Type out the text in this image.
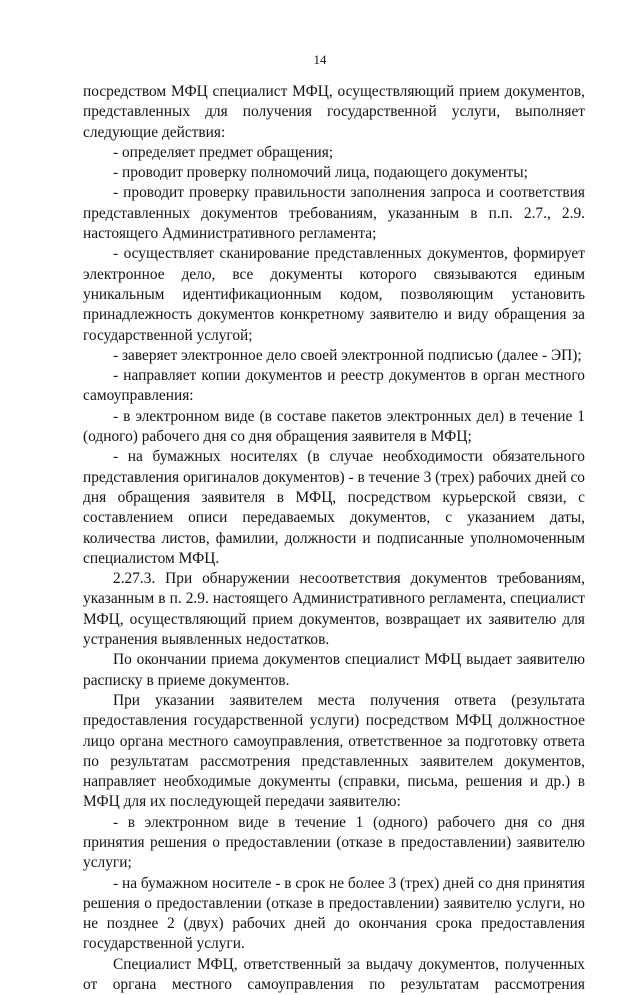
14

посредством МФЦ специалист МФЦ, осуществляющий прием документов, представленных для получения государственной услуги, выполняет следующие действия:

- определяет предмет обращения;

- проводит проверку полномочий лица, подающего документы;

- проводит проверку правильности заполнения запроса и соответствия представленных документов требованиям, указанным в п.п. 2.7., 2.9. настоящего Административного регламента;

- осуществляет сканирование представленных документов, формирует электронное дело, все документы которого связываются единым уникальным идентификационным кодом, позволяющим установить принадлежность документов конкретному заявителю и виду обращения за государственной услугой;

- заверяет электронное дело своей электронной подписью (далее - ЭП);

- направляет копии документов и реестр документов в орган местного самоуправления:

- в электронном виде (в составе пакетов электронных дел) в течение 1 (одного) рабочего дня со дня обращения заявителя в МФЦ;

- на бумажных носителях (в случае необходимости обязательного представления оригиналов документов) - в течение 3 (трех) рабочих дней со дня обращения заявителя в МФЦ, посредством курьерской связи, с составлением описи передаваемых документов, с указанием даты, количества листов, фамилии, должности и подписанные уполномоченным специалистом МФЦ.

2.27.3. При обнаружении несоответствия документов требованиям, указанным в п. 2.9. настоящего Административного регламента, специалист МФЦ, осуществляющий прием документов, возвращает их заявителю для устранения выявленных недостатков.

По окончании приема документов специалист МФЦ выдает заявителю расписку в приеме документов.

При указании заявителем места получения ответа (результата предоставления государственной услуги) посредством МФЦ должностное лицо органа местного самоуправления, ответственное за подготовку ответа по результатам рассмотрения представленных заявителем документов, направляет необходимые документы (справки, письма, решения и др.) в МФЦ для их последующей передачи заявителю:

- в электронном виде в течение 1 (одного) рабочего дня со дня принятия решения о предоставлении (отказе в предоставлении) заявителю услуги;

- на бумажном носителе - в срок не более 3 (трех) дней со дня принятия решения о предоставлении (отказе в предоставлении) заявителю услуги, но не позднее 2 (двух) рабочих дней до окончания срока предоставления государственной услуги.

Специалист МФЦ, ответственный за выдачу документов, полученных от органа местного самоуправления по результатам рассмотрения
